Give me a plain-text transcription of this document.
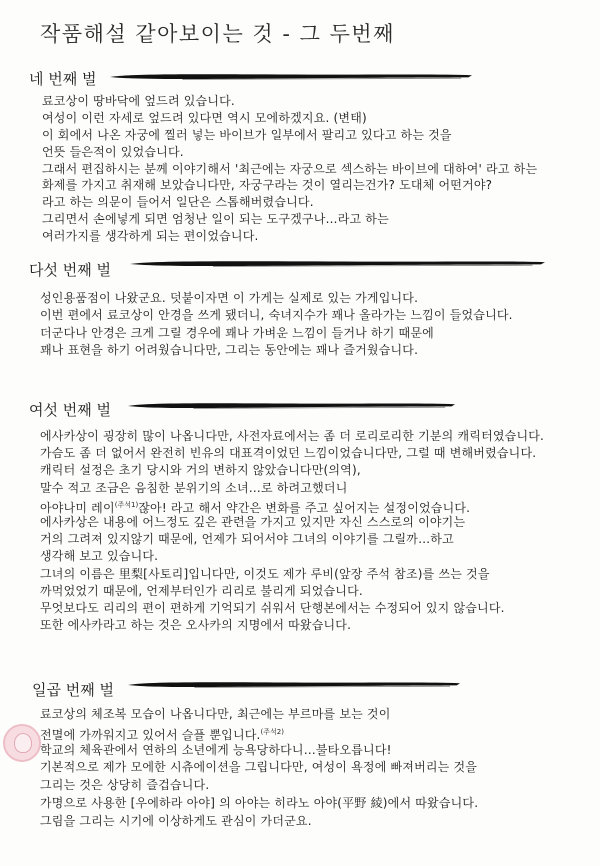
작품해설 같아보이는 것 - 그 두번째
네 번째 벌
료코상이 땅바닥에 엎드려 있습니다.
여성이 이런 자세로 엎드려 있다면 역시 모에하겠지요. (변태)
이 회에서 나온 자궁에 찔러 넣는 바이브가 일부에서 팔리고 있다고 하는 것을
언뜻 들은적이 있었습니다.
그래서 편집하시는 분께 이야기해서 '최근에는 자궁으로 섹스하는 바이브에 대하여' 라고 하는
화제를 가지고 취재해 보았습니다만, 자궁구라는 것이 열리는건가? 도대체 어떤거야?
라고 하는 의문이 들어서 일단은 스톱해버렸습니다.
그리면서 손에넣게 되면 엄청난 일이 되는 도구겠구나…라고 하는
여러가지를 생각하게 되는 편이었습니다.
다섯 번째 벌
성인용품점이 나왔군요. 덧붙이자면 이 가게는 실제로 있는 가게입니다.
이번 편에서 료코상이 안경을 쓰게 됐더니, 숙녀지수가 꽤나 올라가는 느낌이 들었습니다.
더군다나 안경은 크게 그릴 경우에 꽤나 가벼운 느낌이 들거나 하기 때문에
꽤나 표현을 하기 어려웠습니다만, 그리는 동안에는 꽤나 즐거웠습니다.
여섯 번째 벌
에사카상이 굉장히 많이 나옵니다만, 사전자료에서는 좀 더 로리로리한 기분의 캐릭터였습니다.
가슴도 좀 더 없어서 완전히 빈유의 대표격이었던 느낌이었습니다만, 그럴 때 변해버렸습니다.
캐릭터 설정은 초기 당시와 거의 변하지 않았습니다만(의역),
말수 적고 조금은 음침한 분위기의 소녀…로 하려고했더니
아야나미 레이$^{(주석1)}$잖아! 라고 해서 약간은 변화를 주고 싶어지는 설정이었습니다.
에사카상은 내용에 어느정도 깊은 관련을 가지고 있지만 자신 스스로의 이야기는
거의 그려져 있지않기 때문에, 언제가 되어서야 그녀의 이야기를 그릴까…하고
생각해 보고 있습니다.
그녀의 이름은 里梨[사토리]입니다만, 이것도 제가 루비(앞장 주석 참조)를 쓰는 것을
까먹었었기 때문에, 언제부터인가 리리로 불리게 되었습니다.
무엇보다도 리리의 편이 편하게 기억되기 쉬워서 단행본에서는 수정되어 있지 않습니다.
또한 에사카라고 하는 것은 오사카의 지명에서 따왔습니다.
일곱 번째 벌
료코상의 체조복 모습이 나옵니다만, 최근에는 부르마를 보는 것이
전멸에 가까워지고 있어서 슬플 뿐입니다.$^{(주석2)}$
학교의 체육관에서 연하의 소년에게 능욕당하다니…불타오릅니다!
기본적으로 제가 모에한 시츄에이션을 그립니다만, 여성이 욕정에 빠져버리는 것을
그리는 것은 상당히 즐겁습니다.
가명으로 사용한 [우에하라 아야] 의 아야는 히라노 아야(平野 綾)에서 따왔습니다.
그림을 그리는 시기에 이상하게도 관심이 가더군요.
